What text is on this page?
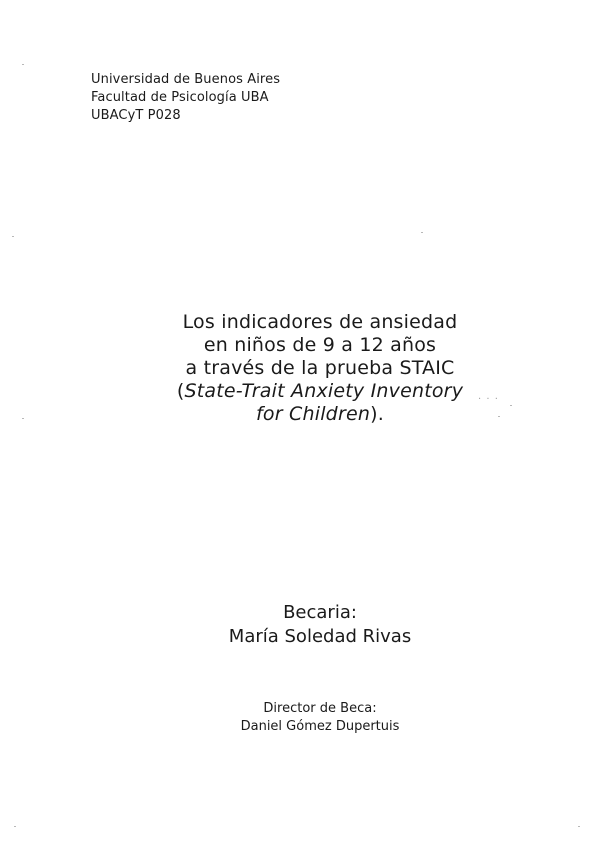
Universidad de Buenos Aires
Facultad de Psicología UBA
UBACyT P028
Los indicadores de ansiedad
en niños de 9 a 12 años
a través de la prueba STAIC
(State-Trait Anxiety Inventory
for Children).
Becaria:
María Soledad Rivas
Director de Beca:
Daniel Gómez Dupertuis
· · ·
